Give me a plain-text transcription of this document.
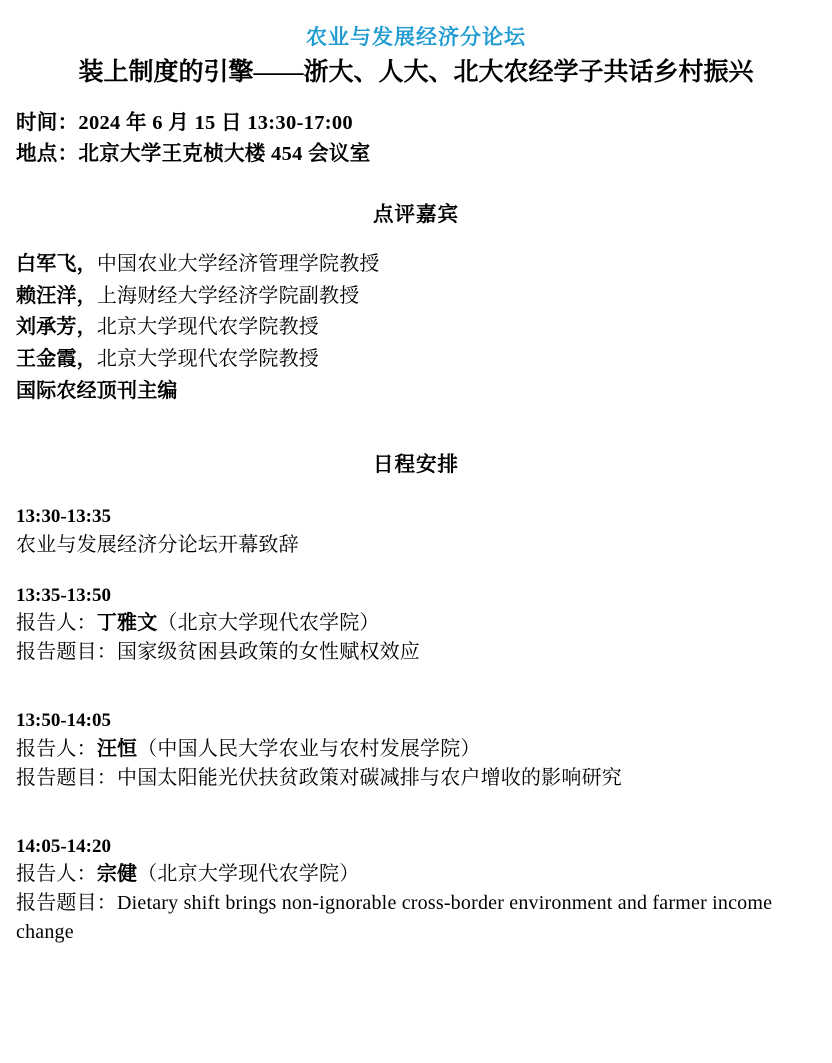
农业与发展经济分论坛
装上制度的引擎——浙大、人大、北大农经学子共话乡村振兴
时间：2024 年 6 月 15 日 13:30-17:00
地点：北京大学王克桢大楼 454 会议室
点评嘉宾
白军飞，中国农业大学经济管理学院教授
赖汪洋，上海财经大学经济学院副教授
刘承芳，北京大学现代农学院教授
王金霞，北京大学现代农学院教授
国际农经顶刊主编
日程安排
13:30-13:35
农业与发展经济分论坛开幕致辞
13:35-13:50
报告人：丁雅文（北京大学现代农学院）
报告题目：国家级贫困县政策的女性赋权效应
13:50-14:05
报告人：汪恒（中国人民大学农业与农村发展学院）
报告题目：中国太阳能光伏扶贫政策对碳减排与农户增收的影响研究
14:05-14:20
报告人：宗健（北京大学现代农学院）
报告题目：Dietary shift brings non-ignorable cross-border environment and farmer income change
